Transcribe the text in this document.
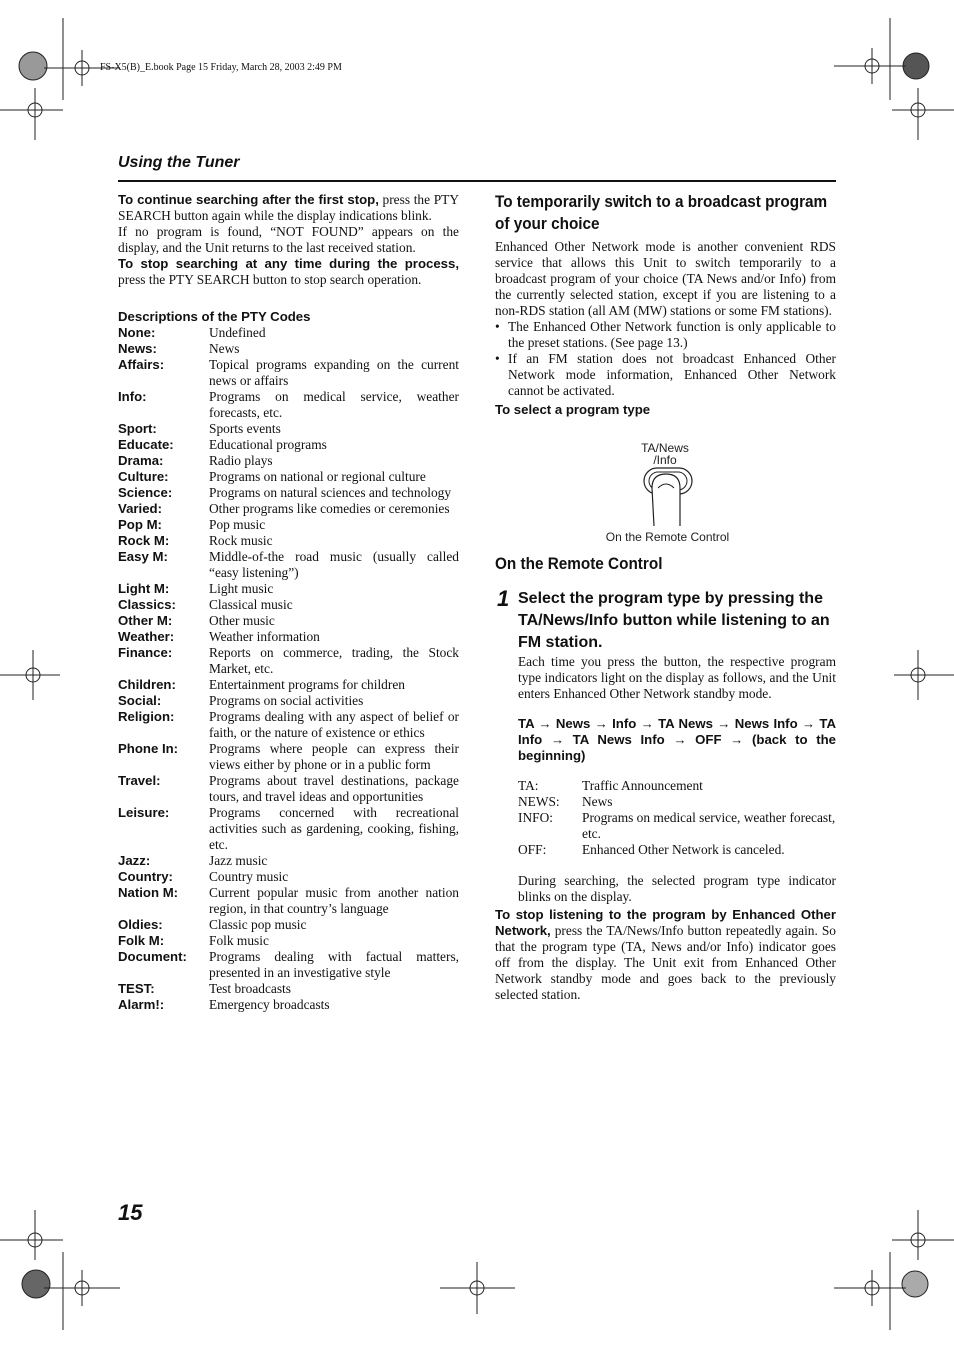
FS-X5(B)_E.book Page 15 Friday, March 28, 2003 2:49 PM
Using the Tuner

To continue searching after the first stop, press the PTY SEARCH button again while the display indications blink.

If no program is found, “NOT FOUND” appears on the display, and the Unit returns to the last received station.

To stop searching at any time during the process, press the PTY SEARCH button to stop search operation.

Descriptions of the PTY Codes

None:	Undefined
News:	News
Affairs:	Topical programs expanding on the current news or affairs
Info:	Programs on medical service, weather forecasts, etc.
Sport:	Sports events
Educate:	Educational programs
Drama:	Radio plays
Culture:	Programs on national or regional culture
Science:	Programs on natural sciences and technology
Varied:	Other programs like comedies or ceremonies
Pop M:	Pop music
Rock M:	Rock music
Easy M:	Middle-of-the road music (usually called “easy listening”)
Light M:	Light music
Classics:	Classical music
Other M:	Other music
Weather:	Weather information
Finance:	Reports on commerce, trading, the Stock Market, etc.
Children:	Entertainment programs for children
Social:	Programs on social activities
Religion:	Programs dealing with any aspect of belief or faith, or the nature of existence or ethics
Phone In:	Programs where people can express their views either by phone or in a public form
Travel:	Programs about travel destinations, package tours, and travel ideas and opportunities
Leisure:	Programs concerned with recreational activities such as gardening, cooking, fishing, etc.
Jazz:	Jazz music
Country:	Country music
Nation M:	Current popular music from another nation region, in that country’s language
Oldies:	Classic pop music
Folk M:	Folk music
Document:	Programs dealing with factual matters, presented in an investigative style
TEST:	Test broadcasts
Alarm!:	Emergency broadcasts
To temporarily switch to a broadcast program of your choice

Enhanced Other Network mode is another convenient RDS service that allows this Unit to switch temporarily to a broadcast program of your choice (TA News and/or Info) from the currently selected station, except if you are listening to a non-RDS station (all AM (MW) stations or some FM stations).

• The Enhanced Other Network function is only applicable to the preset stations. (See page 13.)
• If an FM station does not broadcast Enhanced Other Network mode information, Enhanced Other Network cannot be activated.

To select a program type

TA/News
/Info
On the Remote Control
On the Remote Control
1 Select the program type by pressing the TA/News/Info button while listening to an FM station.

Each time you press the button, the respective program type indicators light on the display as follows, and the Unit enters Enhanced Other Network standby mode.

TA → News → Info → TA News → News Info → TA Info → TA News Info → OFF → (back to the beginning)

TA:	Traffic Announcement
NEWS:	News
INFO:	Programs on medical service, weather forecast, etc.
OFF:	Enhanced Other Network is canceled.

During searching, the selected program type indicator blinks on the display.

To stop listening to the program by Enhanced Other Network, press the TA/News/Info button repeatedly again. So that the program type (TA, News and/or Info) indicator goes off from the display. The Unit exit from Enhanced Other Network standby mode and goes back to the previously selected station.
15
